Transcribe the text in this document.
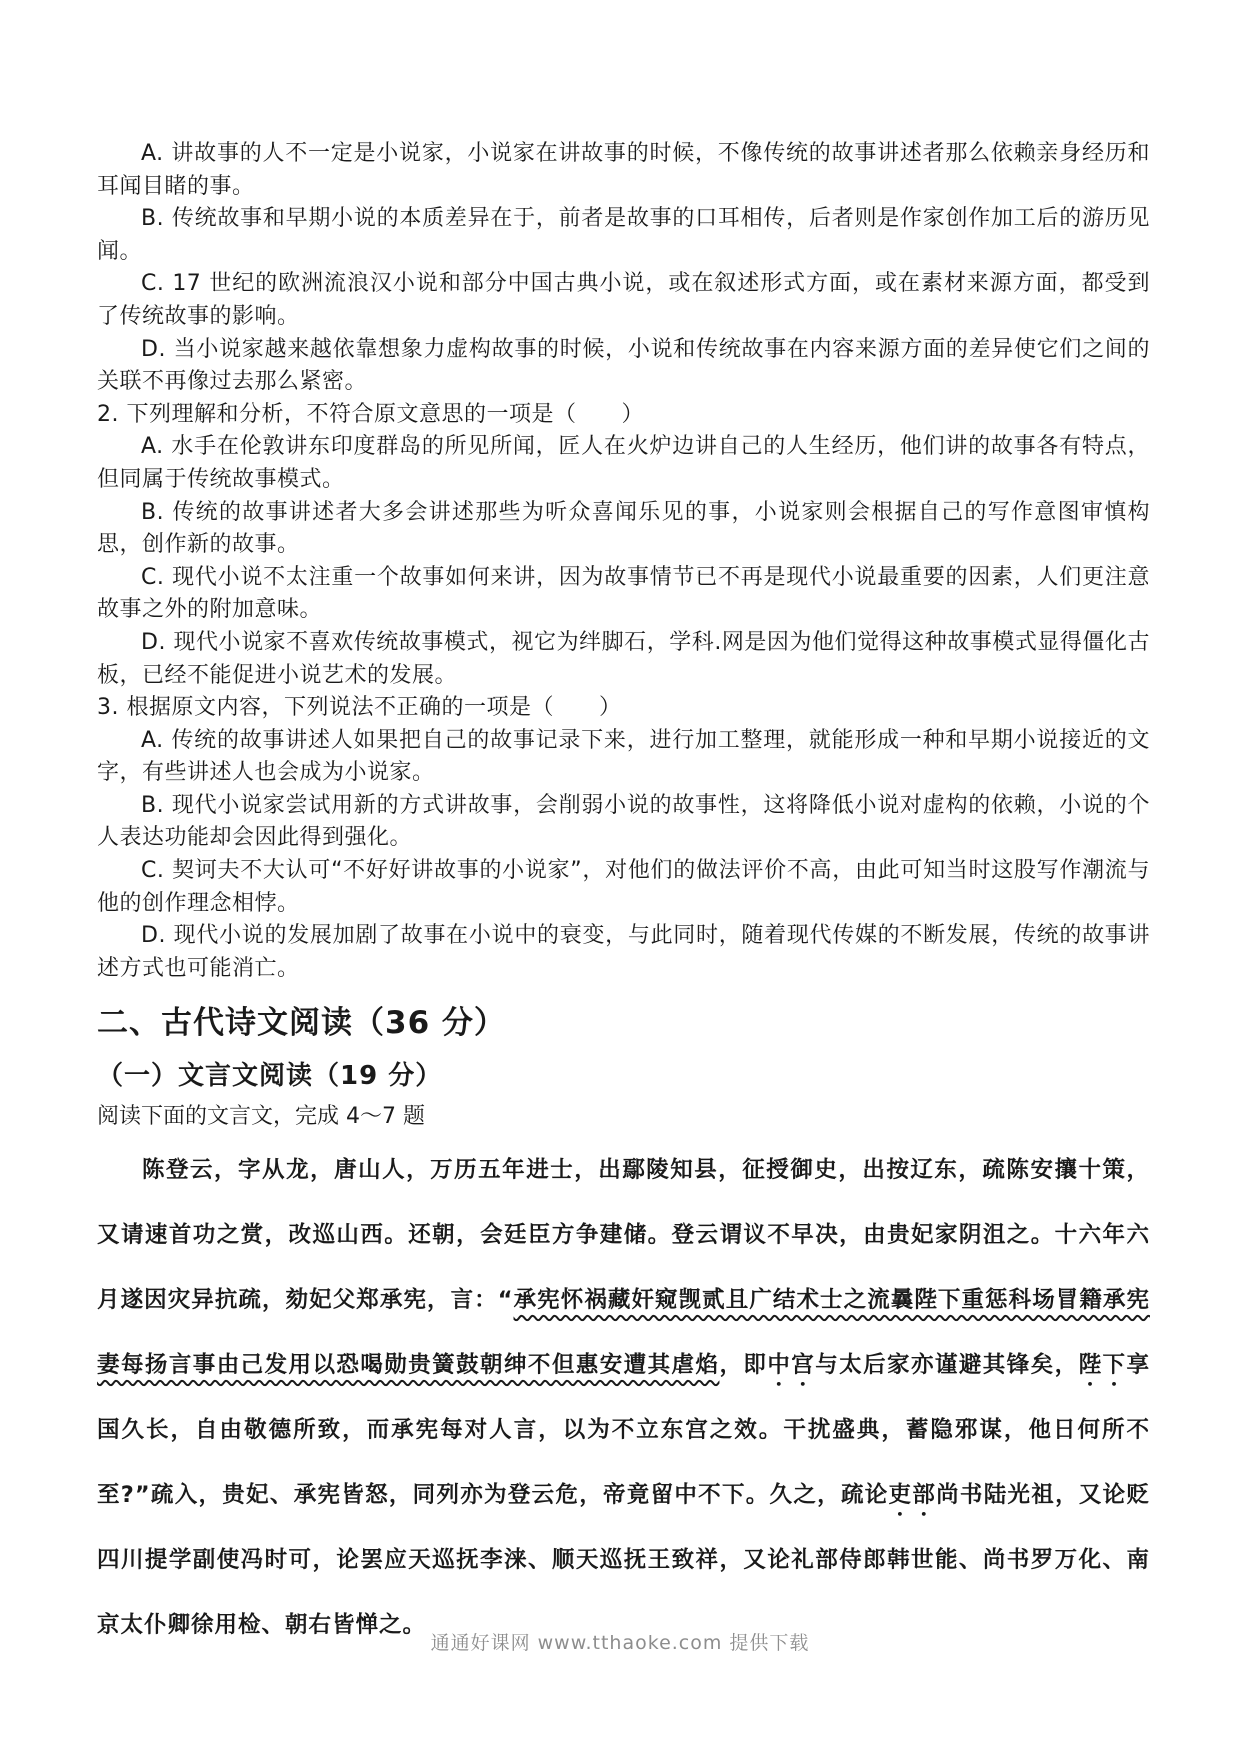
A. 讲故事的人不一定是小说家，小说家在讲故事的时候，不像传统的故事讲述者那么依赖亲身经历和耳闻目睹的事。

B. 传统故事和早期小说的本质差异在于，前者是故事的口耳相传，后者则是作家创作加工后的游历见闻。

C. 17 世纪的欧洲流浪汉小说和部分中国古典小说，或在叙述形式方面，或在素材来源方面，都受到了传统故事的影响。

D. 当小说家越来越依靠想象力虚构故事的时候，小说和传统故事在内容来源方面的差异使它们之间的关联不再像过去那么紧密。

2. 下列理解和分析，不符合原文意思的一项是（　　）

A. 水手在伦敦讲东印度群岛的所见所闻，匠人在火炉边讲自己的人生经历，他们讲的故事各有特点，但同属于传统故事模式。

B. 传统的故事讲述者大多会讲述那些为听众喜闻乐见的事，小说家则会根据自己的写作意图审慎构思，创作新的故事。

C. 现代小说不太注重一个故事如何来讲，因为故事情节已不再是现代小说最重要的因素，人们更注意故事之外的附加意味。

D. 现代小说家不喜欢传统故事模式，视它为绊脚石，学科.网是因为他们觉得这种故事模式显得僵化古板，已经不能促进小说艺术的发展。

3. 根据原文内容，下列说法不正确的一项是（　　）

A. 传统的故事讲述人如果把自己的故事记录下来，进行加工整理，就能形成一种和早期小说接近的文字，有些讲述人也会成为小说家。

B. 现代小说家尝试用新的方式讲故事，会削弱小说的故事性，这将降低小说对虚构的依赖，小说的个人表达功能却会因此得到强化。

C. 契诃夫不大认可“不好好讲故事的小说家”，对他们的做法评价不高，由此可知当时这股写作潮流与他的创作理念相悖。

D. 现代小说的发展加剧了故事在小说中的衰变，与此同时，随着现代传媒的不断发展，传统的故事讲述方式也可能消亡。

二、古代诗文阅读（36 分）
（一）文言文阅读（19 分）

阅读下面的文言文，完成 4～7 题

陈登云，字从龙，唐山人，万历五年进士，出鄢陵知县，征授御史，出按辽东，疏陈安攘十策，又请速首功之赏，改巡山西。还朝，会廷臣方争建储。登云谓议不早决，由贵妃家阴沮之。十六年六月遂因灾异抗疏，劾妃父郑承宪，言：“承宪怀祸藏奸窥觊贰且广结术士之流曩陛下重惩科场冒籍承宪妻每扬言事由己发用以恐喝勋贵簧鼓朝绅不但惠安遭其虐焰，即中宫与太后家亦谨避其锋矣，陛下享国久长，自由敬德所致，而承宪每对人言，以为不立东宫之效。干扰盛典，蓄隐邪谋，他日何所不至?”疏入，贵妃、承宪皆怒，同列亦为登云危，帝竟留中不下。久之，疏论吏部尚书陆光祖，又论贬四川提学副使冯时可，论罢应天巡抚李涞、顺天巡抚王致祥，又论礼部侍郎韩世能、尚书罗万化、南京太仆卿徐用检、朝右皆惮之。

通通好课网 www.tthaoke.com 提供下载
